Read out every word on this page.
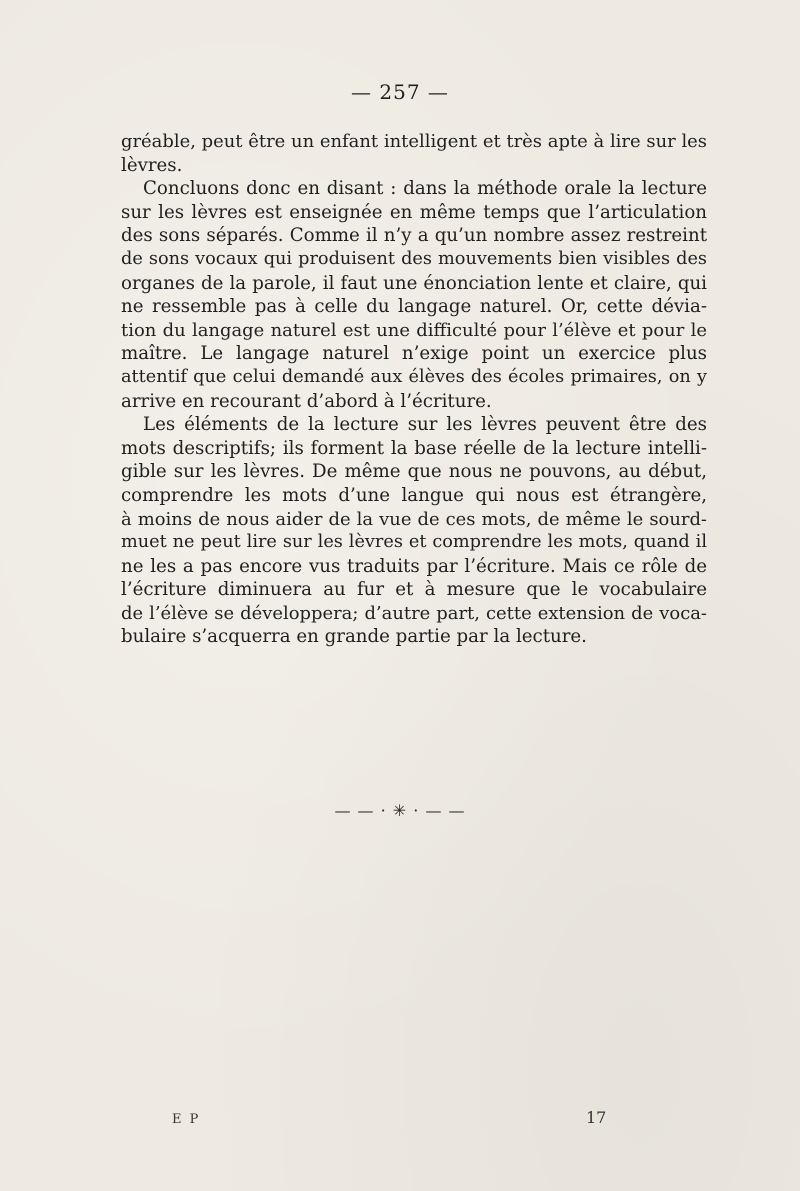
— 257 —
gréable, peut être un enfant intelligent et très apte à lire sur les
lèvres.
Concluons donc en disant : dans la méthode orale la lecture
sur les lèvres est enseignée en même temps que l’articulation
des sons séparés. Comme il n’y a qu’un nombre assez restreint
de sons vocaux qui produisent des mouvements bien visibles des
organes de la parole, il faut une énonciation lente et claire, qui
ne ressemble pas à celle du langage naturel. Or, cette dévia-
tion du langage naturel est une difficulté pour l’élève et pour le
maître. Le langage naturel n’exige point un exercice plus
attentif que celui demandé aux élèves des écoles primaires, on y
arrive en recourant d’abord à l’écriture.
Les éléments de la lecture sur les lèvres peuvent être des
mots descriptifs; ils forment la base réelle de la lecture intelli-
gible sur les lèvres. De même que nous ne pouvons, au début,
comprendre les mots d’une langue qui nous est étrangère,
à moins de nous aider de la vue de ces mots, de même le sourd-
muet ne peut lire sur les lèvres et comprendre les mots, quand il
ne les a pas encore vus traduits par l’écriture. Mais ce rôle de
l’écriture diminuera au fur et à mesure que le vocabulaire
de l’élève se développera; d’autre part, cette extension de voca-
bulaire s’acquerra en grande partie par la lecture.
— — · ✳ · — —
E P	17
